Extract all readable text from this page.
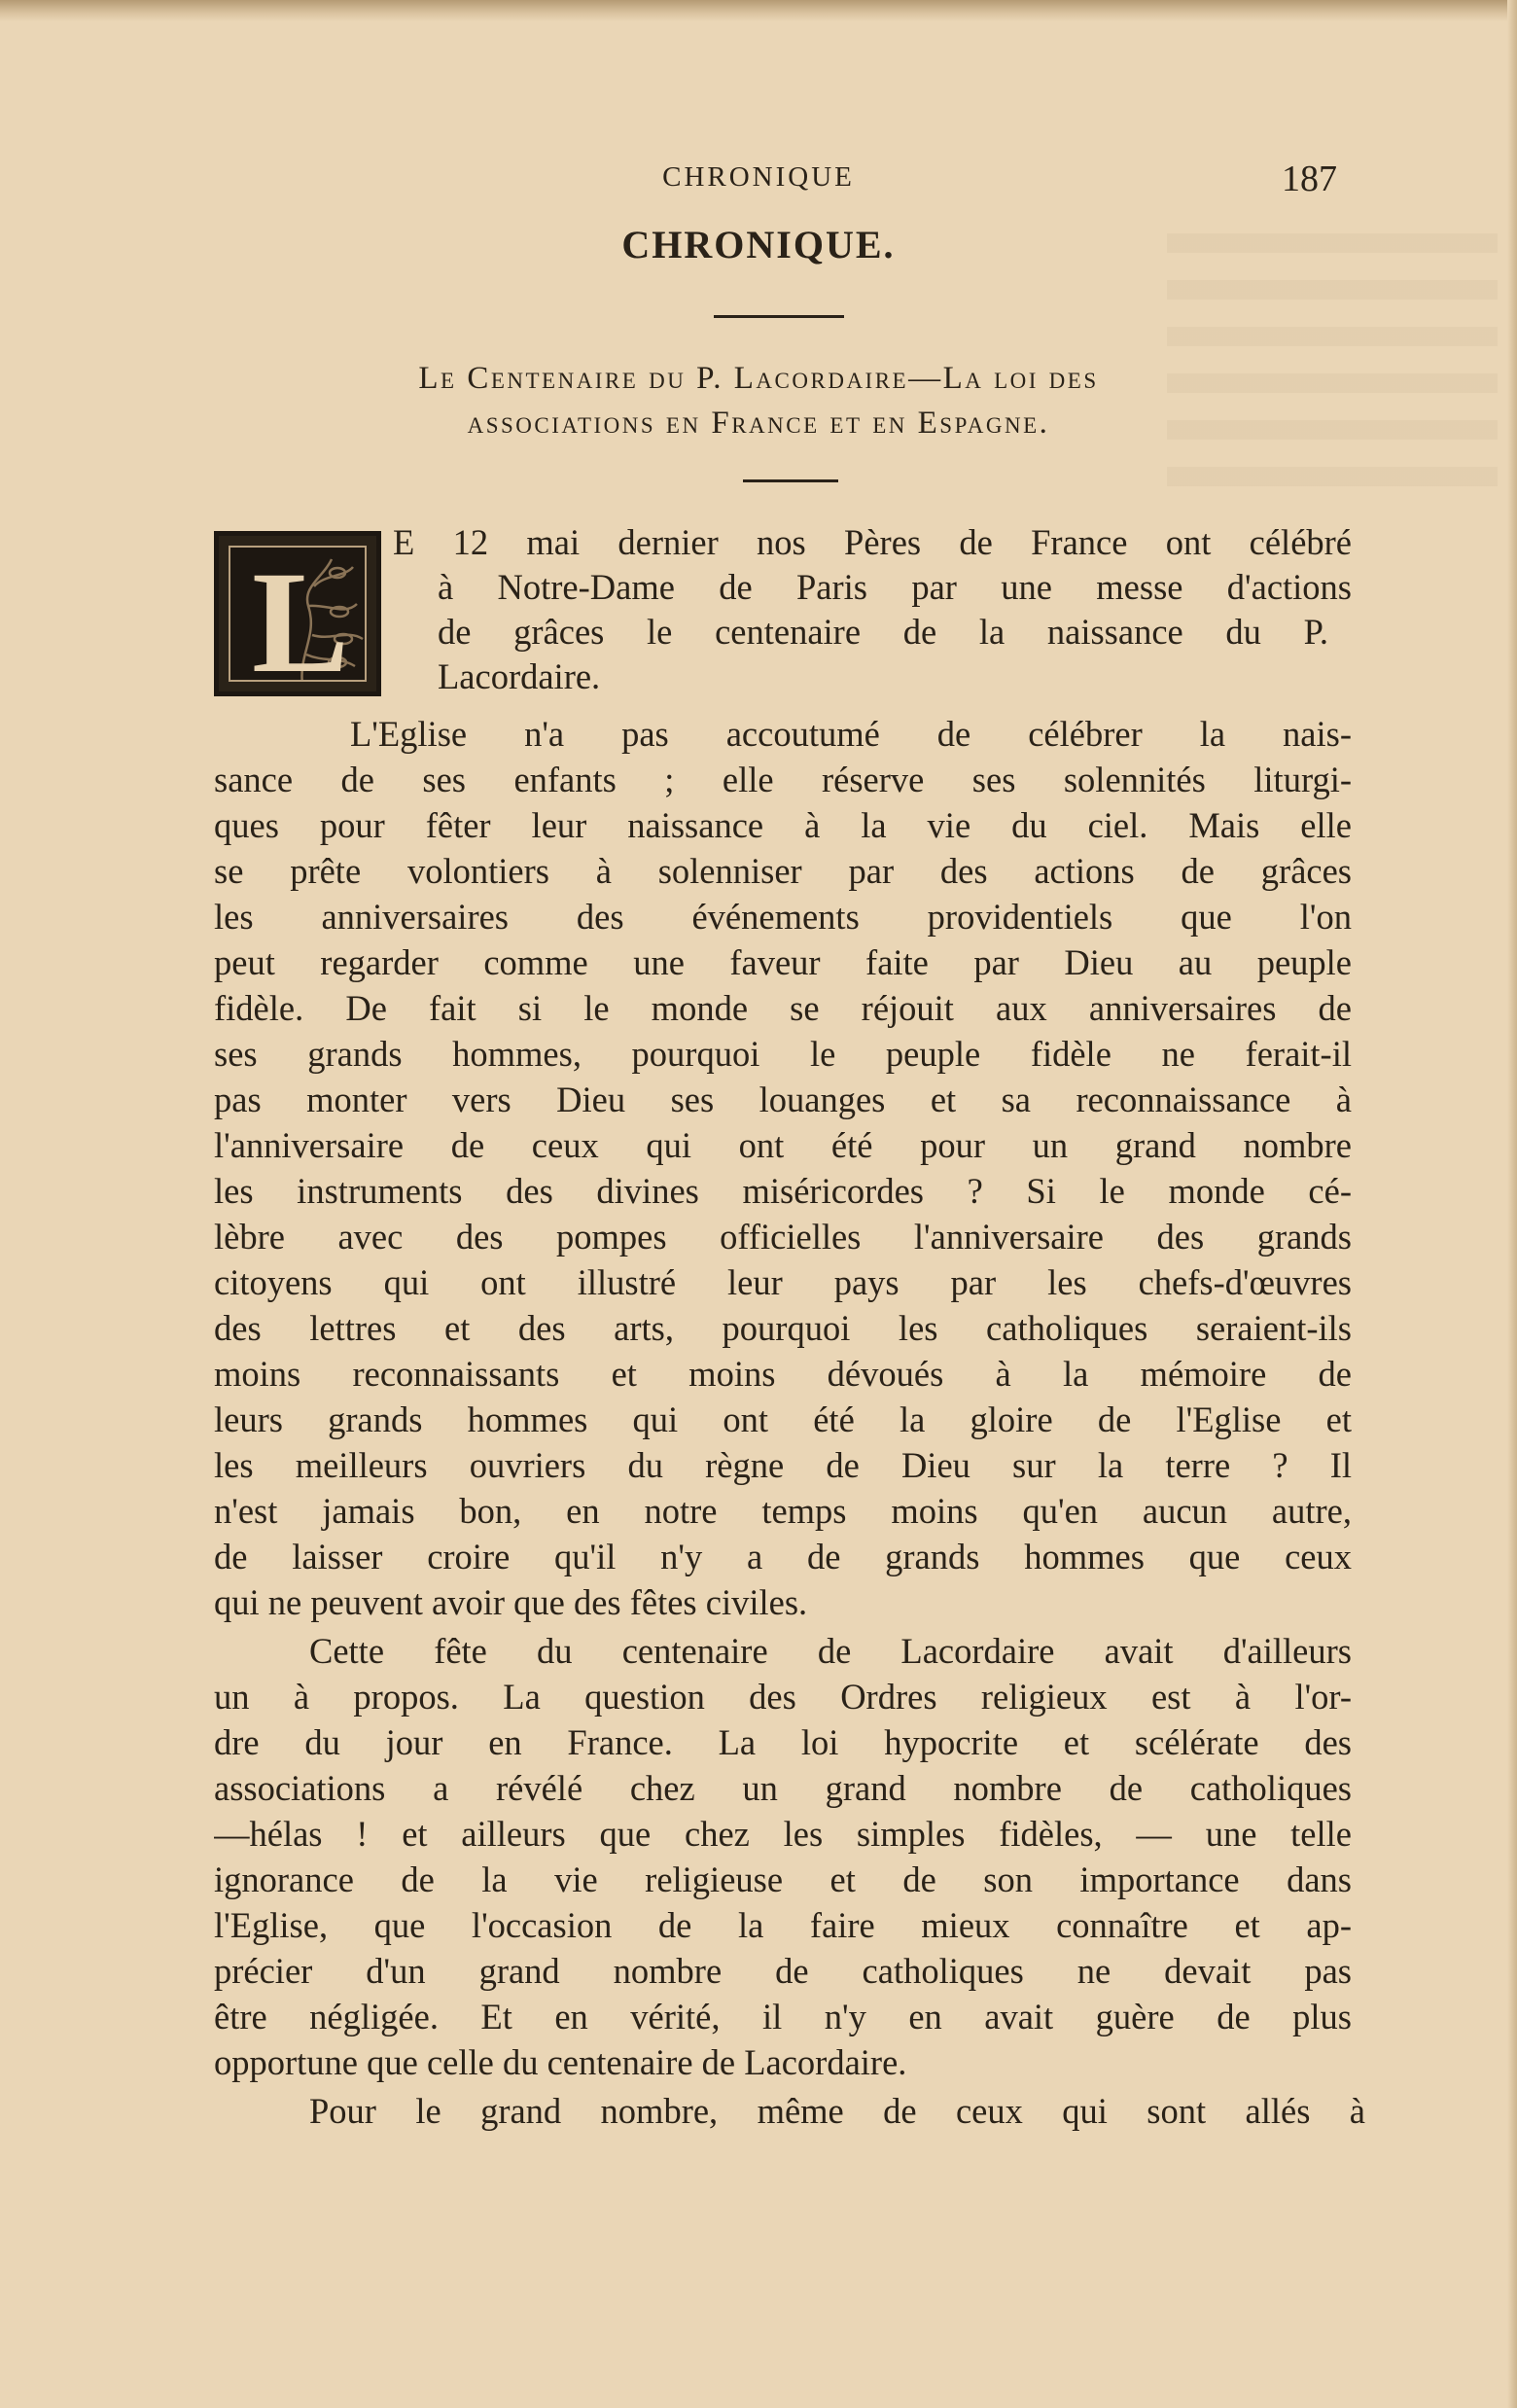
CHRONIQUE	187
CHRONIQUE.
Le Centenaire du P. Lacordaire—La loi des
associations en France et en Espagne.
L E 12 mai dernier nos Pères de France ont célébré
à Notre-Dame de Paris par une messe d'actions
de grâces le centenaire de la naissance du P.
Lacordaire.
L'Eglise n'a pas accoutumé de célébrer la nais-
sance de ses enfants ; elle réserve ses solennités liturgi-
ques pour fêter leur naissance à la vie du ciel. Mais elle
se prête volontiers à solenniser par des actions de grâces
les anniversaires des événements providentiels que l'on
peut regarder comme une faveur faite par Dieu au peuple
fidèle. De fait si le monde se réjouit aux anniversaires de
ses grands hommes, pourquoi le peuple fidèle ne ferait-il
pas monter vers Dieu ses louanges et sa reconnaissance à
l'anniversaire de ceux qui ont été pour un grand nombre
les instruments des divines miséricordes ? Si le monde cé-
lèbre avec des pompes officielles l'anniversaire des grands
citoyens qui ont illustré leur pays par les chefs-d'œuvres
des lettres et des arts, pourquoi les catholiques seraient-ils
moins reconnaissants et moins dévoués à la mémoire de
leurs grands hommes qui ont été la gloire de l'Eglise et
les meilleurs ouvriers du règne de Dieu sur la terre ? Il
n'est jamais bon, en notre temps moins qu'en aucun autre,
de laisser croire qu'il n'y a de grands hommes que ceux
qui ne peuvent avoir que des fêtes civiles.
Cette fête du centenaire de Lacordaire avait d'ailleurs
un à propos. La question des Ordres religieux est à l'or-
dre du jour en France. La loi hypocrite et scélérate des
associations a révélé chez un grand nombre de catholiques
—hélas ! et ailleurs que chez les simples fidèles, — une telle
ignorance de la vie religieuse et de son importance dans
l'Eglise, que l'occasion de la faire mieux connaître et ap-
précier d'un grand nombre de catholiques ne devait pas
être négligée. Et en vérité, il n'y en avait guère de plus
opportune que celle du centenaire de Lacordaire.
Pour le grand nombre, même de ceux qui sont allés à
